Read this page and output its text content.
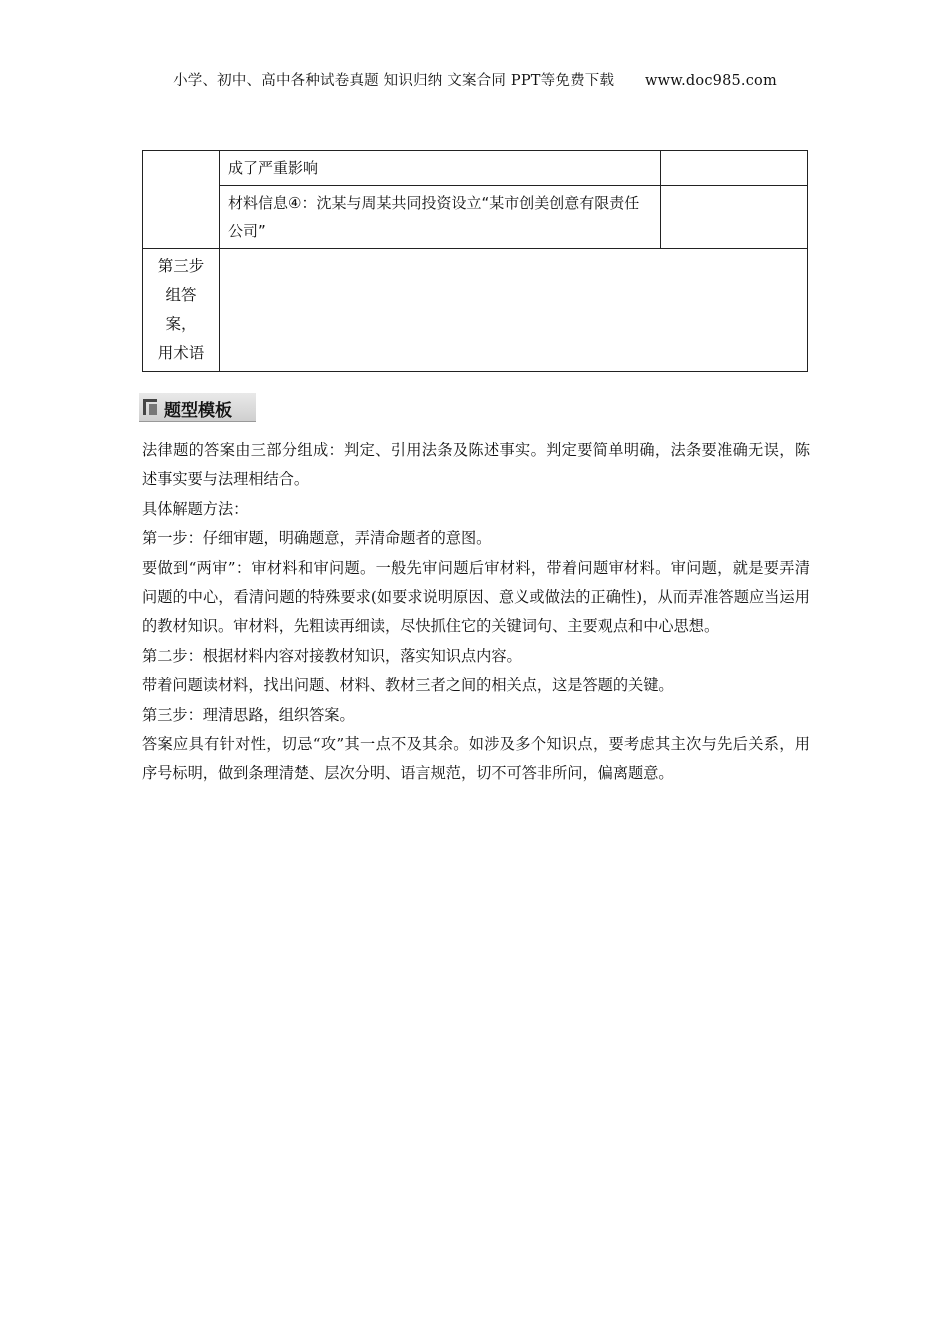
小学、初中、高中各种试卷真题 知识归纳 文案合同 PPT等免费下载 www.doc985.com
	成了严重影响	
	材料信息④：沈某与周某共同投资设立“某市创美创意有限责任公司”	

第三步
组答
案，
用术语		

题型模板

法律题的答案由三部分组成：判定、引用法条及陈述事实。判定要简单明确，法条要准确无误，陈述事实要与法理相结合。

具体解题方法：

第一步：仔细审题，明确题意，弄清命题者的意图。

要做到“两审”：审材料和审问题。一般先审问题后审材料，带着问题审材料。审问题，就是要弄清问题的中心，看清问题的特殊要求(如要求说明原因、意义或做法的正确性)，从而弄准答题应当运用的教材知识。审材料，先粗读再细读，尽快抓住它的关键词句、主要观点和中心思想。

第二步：根据材料内容对接教材知识，落实知识点内容。

带着问题读材料，找出问题、材料、教材三者之间的相关点，这是答题的关键。

第三步：理清思路，组织答案。

答案应具有针对性，切忌“攻”其一点不及其余。如涉及多个知识点，要考虑其主次与先后关系，用序号标明，做到条理清楚、层次分明、语言规范，切不可答非所问，偏离题意。
